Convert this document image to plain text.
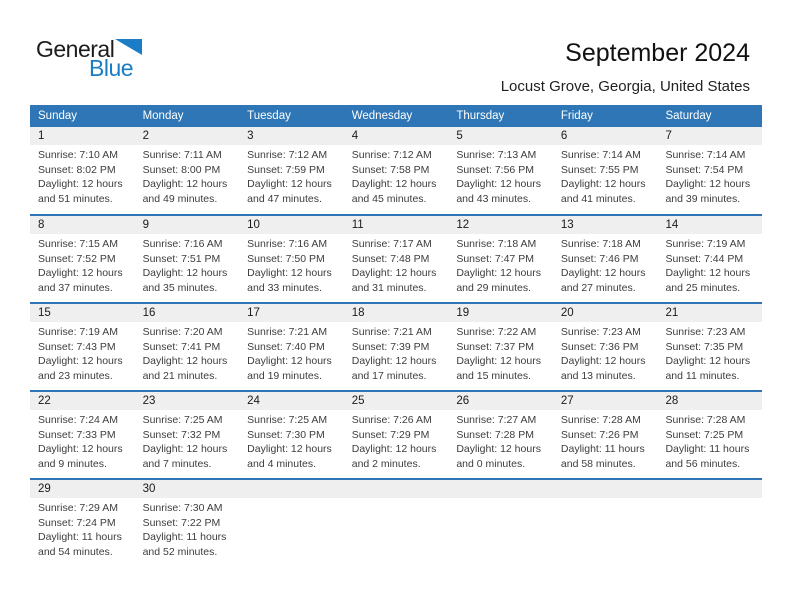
General
Blue
September 2024
Locust Grove, Georgia, United States
Sunday	Monday	Tuesday	Wednesday	Thursday	Friday	Saturday
1	2	3	4	5	6	7
Sunrise: 7:10 AM
Sunset: 8:02 PM
Daylight: 12 hours
and 51 minutes.
Sunrise: 7:11 AM
Sunset: 8:00 PM
Daylight: 12 hours
and 49 minutes.
Sunrise: 7:12 AM
Sunset: 7:59 PM
Daylight: 12 hours
and 47 minutes.
Sunrise: 7:12 AM
Sunset: 7:58 PM
Daylight: 12 hours
and 45 minutes.
Sunrise: 7:13 AM
Sunset: 7:56 PM
Daylight: 12 hours
and 43 minutes.
Sunrise: 7:14 AM
Sunset: 7:55 PM
Daylight: 12 hours
and 41 minutes.
Sunrise: 7:14 AM
Sunset: 7:54 PM
Daylight: 12 hours
and 39 minutes.
8	9	10	11	12	13	14
Sunrise: 7:15 AM
Sunset: 7:52 PM
Daylight: 12 hours
and 37 minutes.
Sunrise: 7:16 AM
Sunset: 7:51 PM
Daylight: 12 hours
and 35 minutes.
Sunrise: 7:16 AM
Sunset: 7:50 PM
Daylight: 12 hours
and 33 minutes.
Sunrise: 7:17 AM
Sunset: 7:48 PM
Daylight: 12 hours
and 31 minutes.
Sunrise: 7:18 AM
Sunset: 7:47 PM
Daylight: 12 hours
and 29 minutes.
Sunrise: 7:18 AM
Sunset: 7:46 PM
Daylight: 12 hours
and 27 minutes.
Sunrise: 7:19 AM
Sunset: 7:44 PM
Daylight: 12 hours
and 25 minutes.
15	16	17	18	19	20	21
Sunrise: 7:19 AM
Sunset: 7:43 PM
Daylight: 12 hours
and 23 minutes.
Sunrise: 7:20 AM
Sunset: 7:41 PM
Daylight: 12 hours
and 21 minutes.
Sunrise: 7:21 AM
Sunset: 7:40 PM
Daylight: 12 hours
and 19 minutes.
Sunrise: 7:21 AM
Sunset: 7:39 PM
Daylight: 12 hours
and 17 minutes.
Sunrise: 7:22 AM
Sunset: 7:37 PM
Daylight: 12 hours
and 15 minutes.
Sunrise: 7:23 AM
Sunset: 7:36 PM
Daylight: 12 hours
and 13 minutes.
Sunrise: 7:23 AM
Sunset: 7:35 PM
Daylight: 12 hours
and 11 minutes.
22	23	24	25	26	27	28
Sunrise: 7:24 AM
Sunset: 7:33 PM
Daylight: 12 hours
and 9 minutes.
Sunrise: 7:25 AM
Sunset: 7:32 PM
Daylight: 12 hours
and 7 minutes.
Sunrise: 7:25 AM
Sunset: 7:30 PM
Daylight: 12 hours
and 4 minutes.
Sunrise: 7:26 AM
Sunset: 7:29 PM
Daylight: 12 hours
and 2 minutes.
Sunrise: 7:27 AM
Sunset: 7:28 PM
Daylight: 12 hours
and 0 minutes.
Sunrise: 7:28 AM
Sunset: 7:26 PM
Daylight: 11 hours
and 58 minutes.
Sunrise: 7:28 AM
Sunset: 7:25 PM
Daylight: 11 hours
and 56 minutes.
29	30
Sunrise: 7:29 AM
Sunset: 7:24 PM
Daylight: 11 hours
and 54 minutes.
Sunrise: 7:30 AM
Sunset: 7:22 PM
Daylight: 11 hours
and 52 minutes.
